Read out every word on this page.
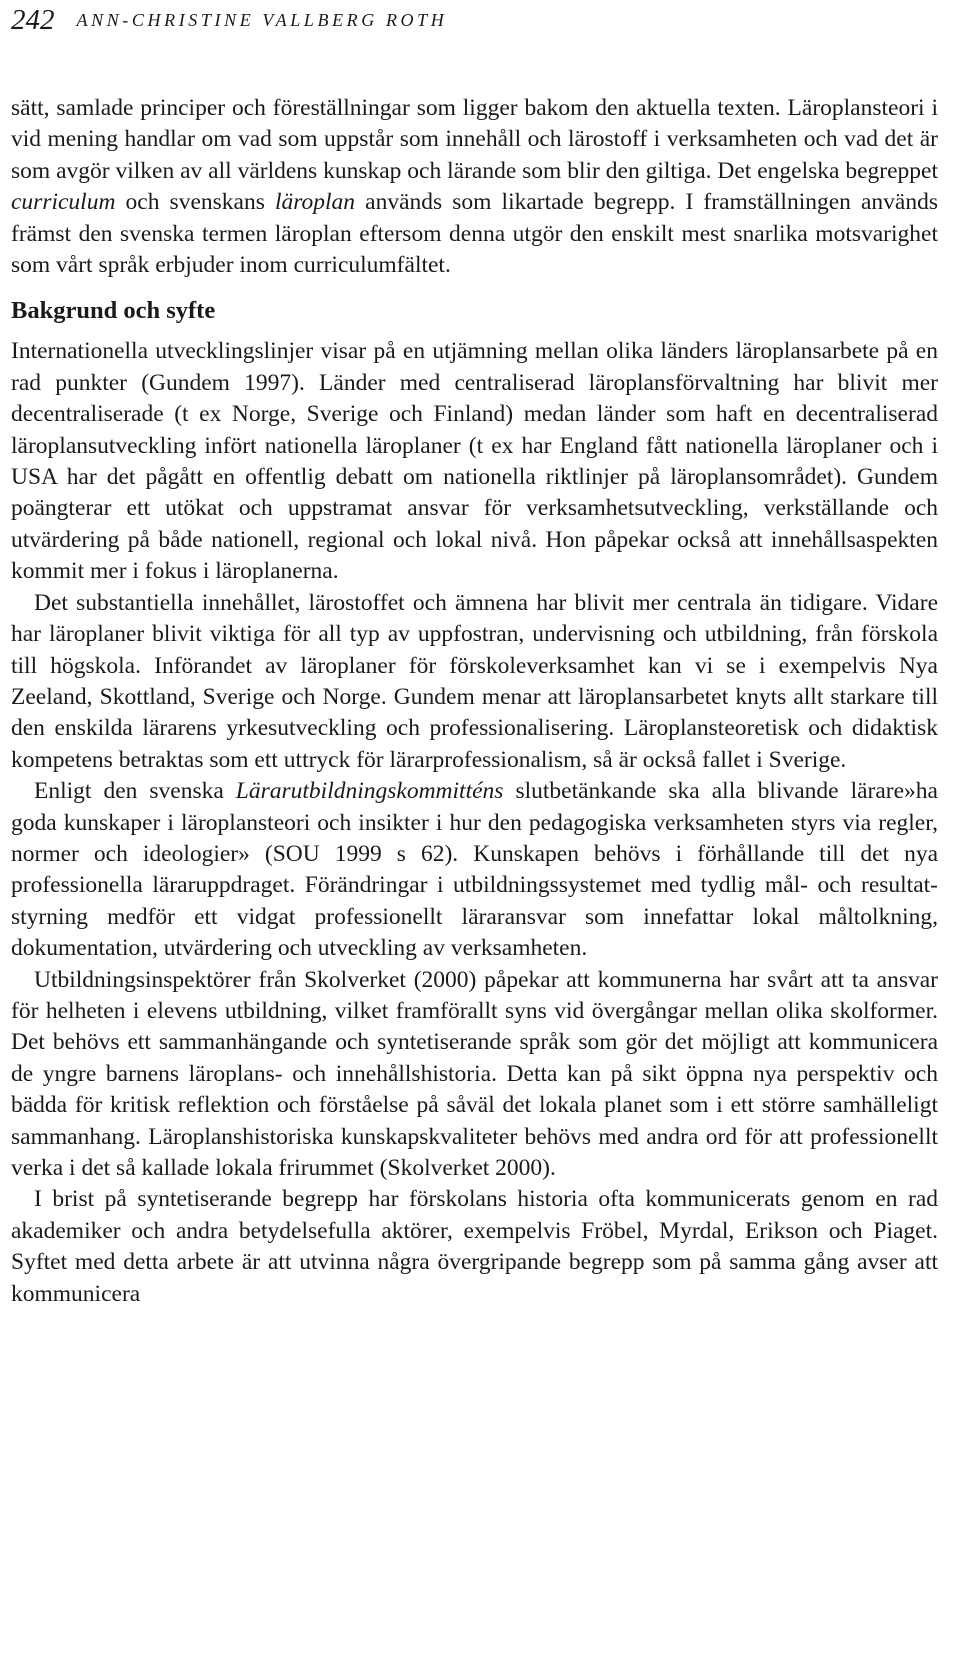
242 ANN-CHRISTINE VALLBERG ROTH

sätt, samlade principer och föreställningar som ligger bakom den aktuella texten. Läroplansteori i vid mening handlar om vad som uppstår som innehåll och lärostoff i verksamheten och vad det är som avgör vilken av all världens kunskap och lärande som blir den giltiga. Det engelska begreppet curriculum och svenskans läroplan används som likartade begrepp. I framställningen används främst den svenska termen läroplan eftersom denna utgör den enskilt mest snarlika motsvarighet som vårt språk erbjuder inom curriculumfältet.

Bakgrund och syfte

Internationella utvecklingslinjer visar på en utjämning mellan olika länders läroplansarbete på en rad punkter (Gundem 1997). Länder med centraliserad läroplansförvaltning har blivit mer decentraliserade (t ex Norge, Sverige och Finland) medan länder som haft en decentraliserad läroplansutveckling infört nationella läroplaner (t ex har England fått nationella läroplaner och i USA har det pågått en offentlig debatt om nationella riktlinjer på läroplansområdet). Gundem poängterar ett utökat och uppstramat ansvar för verksamhetsutveckling, verkställande och utvärdering på både nationell, regional och lokal nivå. Hon påpekar också att innehållsaspekten kommit mer i fokus i läroplanerna.

Det substantiella innehållet, lärostoffet och ämnena har blivit mer centrala än tidigare. Vidare har läroplaner blivit viktiga för all typ av uppfostran, undervisning och utbildning, från förskola till högskola. Införandet av läroplaner för förskoleverksamhet kan vi se i exempelvis Nya Zeeland, Skottland, Sverige och Norge. Gundem menar att läroplansarbetet knyts allt starkare till den enskilda lärarens yrkesutveckling och professionalisering. Läroplansteoretisk och didaktisk kompetens betraktas som ett uttryck för lärarprofessionalism, så är också fallet i Sverige.

Enligt den svenska Lärarutbildningskommitténs slutbetänkande ska alla blivande lärare»ha goda kunskaper i läroplansteori och insikter i hur den pedagogiska verksamheten styrs via regler, normer och ideologier» (SOU 1999 s 62). Kunskapen behövs i förhållande till det nya professionella läraruppdraget. Förändringar i utbildningssystemet med tydlig mål- och resultatstyrning medför ett vidgat professionellt läraransvar som innefattar lokal måltolkning, dokumentation, utvärdering och utveckling av verksamheten.

Utbildningsinspektörer från Skolverket (2000) påpekar att kommunerna har svårt att ta ansvar för helheten i elevens utbildning, vilket framförallt syns vid övergångar mellan olika skolformer. Det behövs ett sammanhängande och syntetiserande språk som gör det möjligt att kommunicera de yngre barnens läroplans- och innehållshistoria. Detta kan på sikt öppna nya perspektiv och bädda för kritisk reflektion och förståelse på såväl det lokala planet som i ett större samhälleligt sammanhang. Läroplanshistoriska kunskapskvaliteter behövs med andra ord för att professionellt verka i det så kallade lokala frirummet (Skolverket 2000).

I brist på syntetiserande begrepp har förskolans historia ofta kommunicerats genom en rad akademiker och andra betydelsefulla aktörer, exempelvis Fröbel, Myrdal, Erikson och Piaget. Syftet med detta arbete är att utvinna några övergripande begrepp som på samma gång avser att kommunicera
